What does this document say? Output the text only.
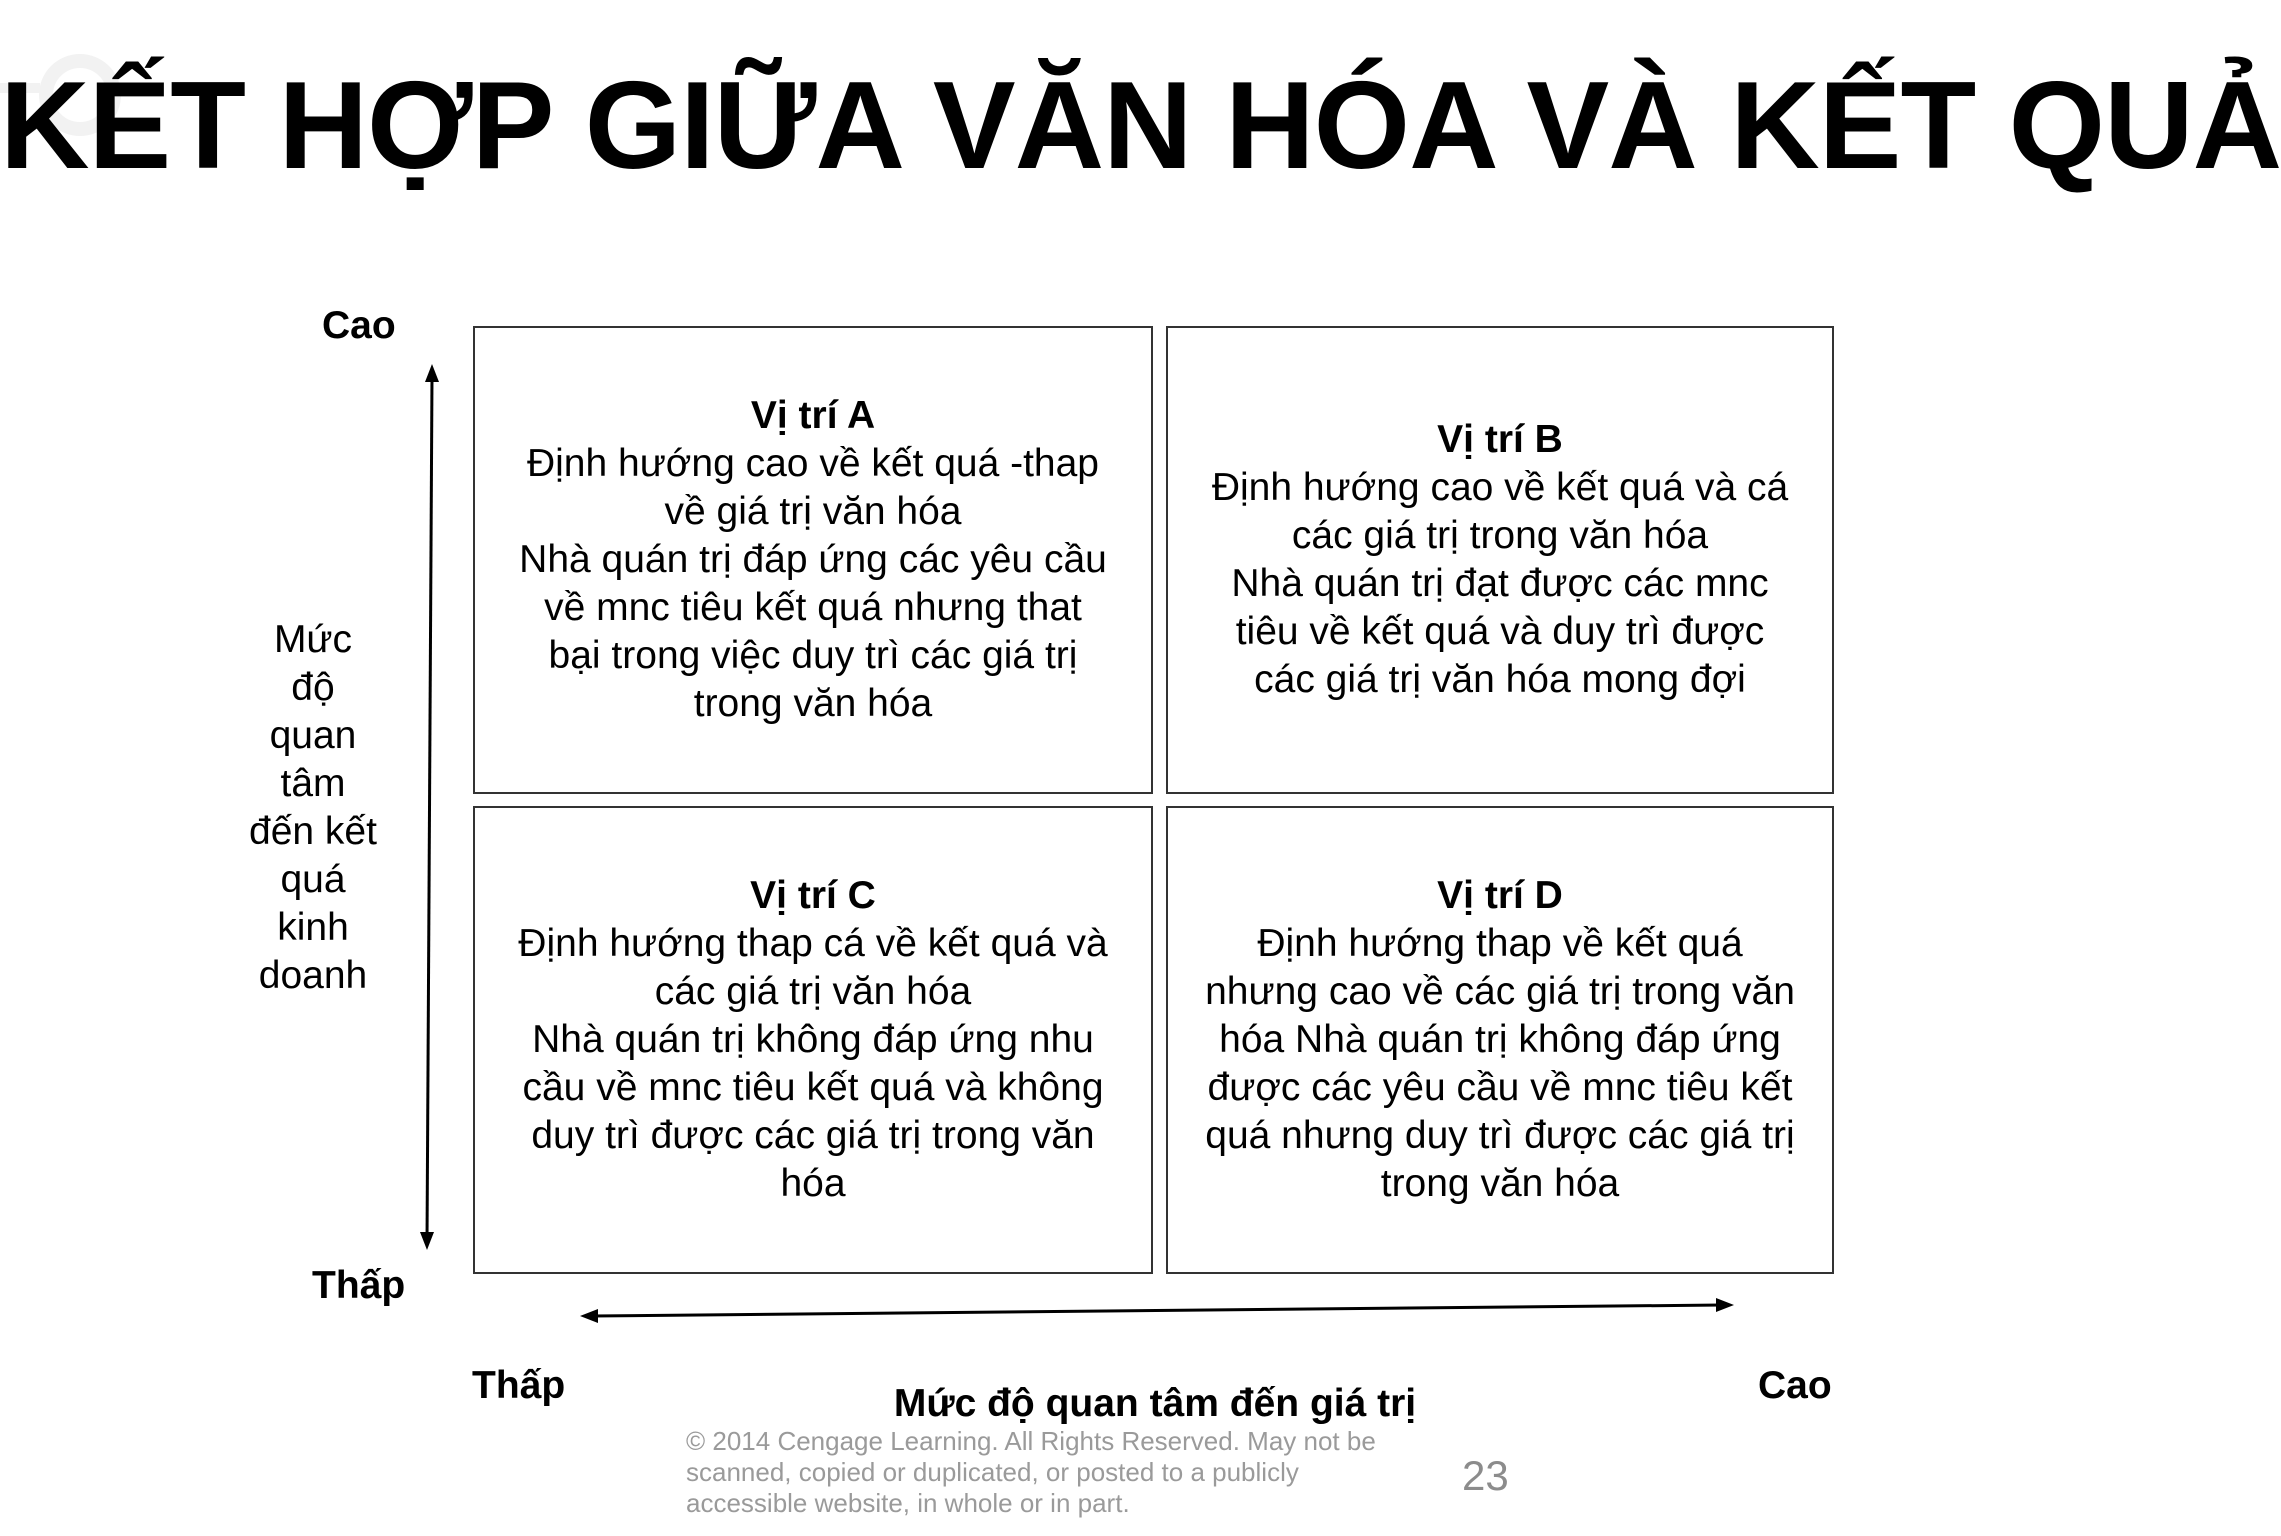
KẾT HỢP GIỮA VĂN HÓA VÀ KẾT QUẢ
Cao
Thấp
Mức
độ
quan
tâm
đến kết
quá
kinh
doanh
Vị trí A
Định hướng cao về kết quá -thap
về giá trị văn hóa
Nhà quán trị đáp ứng các yêu cầu
về mnc tiêu kết quá nhưng that
bại trong việc duy trì các giá trị
trong văn hóa
Vị trí B
Định hướng cao về kết quá và cá
các giá trị trong văn hóa
Nhà quán trị đạt được các mnc
tiêu về kết quá và duy trì được
các giá trị văn hóa mong đợi
Vị trí C
Định hướng thap cá về kết quá và
các giá trị văn hóa
Nhà quán trị không đáp ứng nhu
cầu về mnc tiêu kết quá và không
duy trì được các giá trị trong văn
hóa
Vị trí D
Định hướng thap về kết quá
nhưng cao về các giá trị trong văn
hóa Nhà quán trị không đáp ứng
được các yêu cầu về mnc tiêu kết
quá nhưng duy trì được các giá trị
trong văn hóa
Thấp	Cao
Mức độ quan tâm đến giá trị
© 2014 Cengage Learning. All Rights Reserved. May not be
scanned, copied or duplicated, or posted to a publicly
accessible website, in whole or in part.
23
